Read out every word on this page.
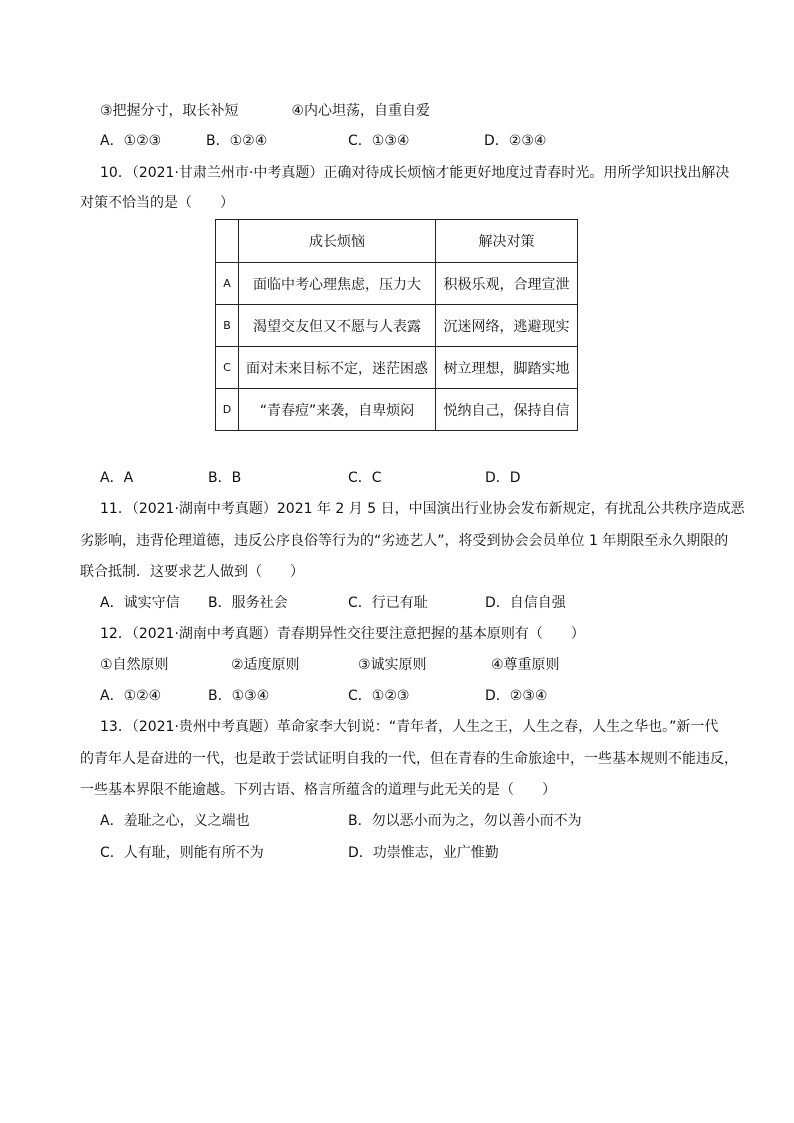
③把握分寸，取长补短	④内心坦荡，自重自爱
A．①②③	B．①②④	C．①③④	D．②③④
10．（2021·甘肃兰州市·中考真题）正确对待成长烦恼才能更好地度过青春时光。用所学知识找出解决
对策不恰当的是（　　）
	成长烦恼	解决对策
A	面临中考心理焦虑，压力大	积极乐观，合理宣泄
B	渴望交友但又不愿与人表露	沉迷网络，逃避现实
C	面对未来目标不定，迷茫困惑	树立理想，脚踏实地
D	“青春痘”来袭，自卑烦闷	悦纳自己，保持自信
A．A	B．B	C．C	D．D
11．（2021·湖南中考真题）2021 年 2 月 5 日，中国演出行业协会发布新规定，有扰乱公共秩序造成恶
劣影响，违背伦理道德，违反公序良俗等行为的“劣迹艺人”，将受到协会会员单位 1 年期限至永久期限的
联合抵制．这要求艺人做到（　　）
A．诚实守信	B．服务社会	C．行已有耻	D．自信自强
12．（2021·湖南中考真题）青春期异性交往要注意把握的基本原则有（　　）
①自然原则	②适度原则	③诚实原则	④尊重原则
A．①②④	B．①③④	C．①②③	D．②③④
13．（2021·贵州中考真题）革命家李大钊说：“青年者，人生之王，人生之春，人生之华也。”新一代
的青年人是奋进的一代，也是敢于尝试证明自我的一代，但在青春的生命旅途中，一些基本规则不能违反，
一些基本界限不能逾越。下列古语、格言所蕴含的道理与此无关的是（　　）
A．羞耻之心，义之端也	B．勿以恶小而为之，勿以善小而不为
C．人有耻，则能有所不为	D．功崇惟志，业广惟勤
